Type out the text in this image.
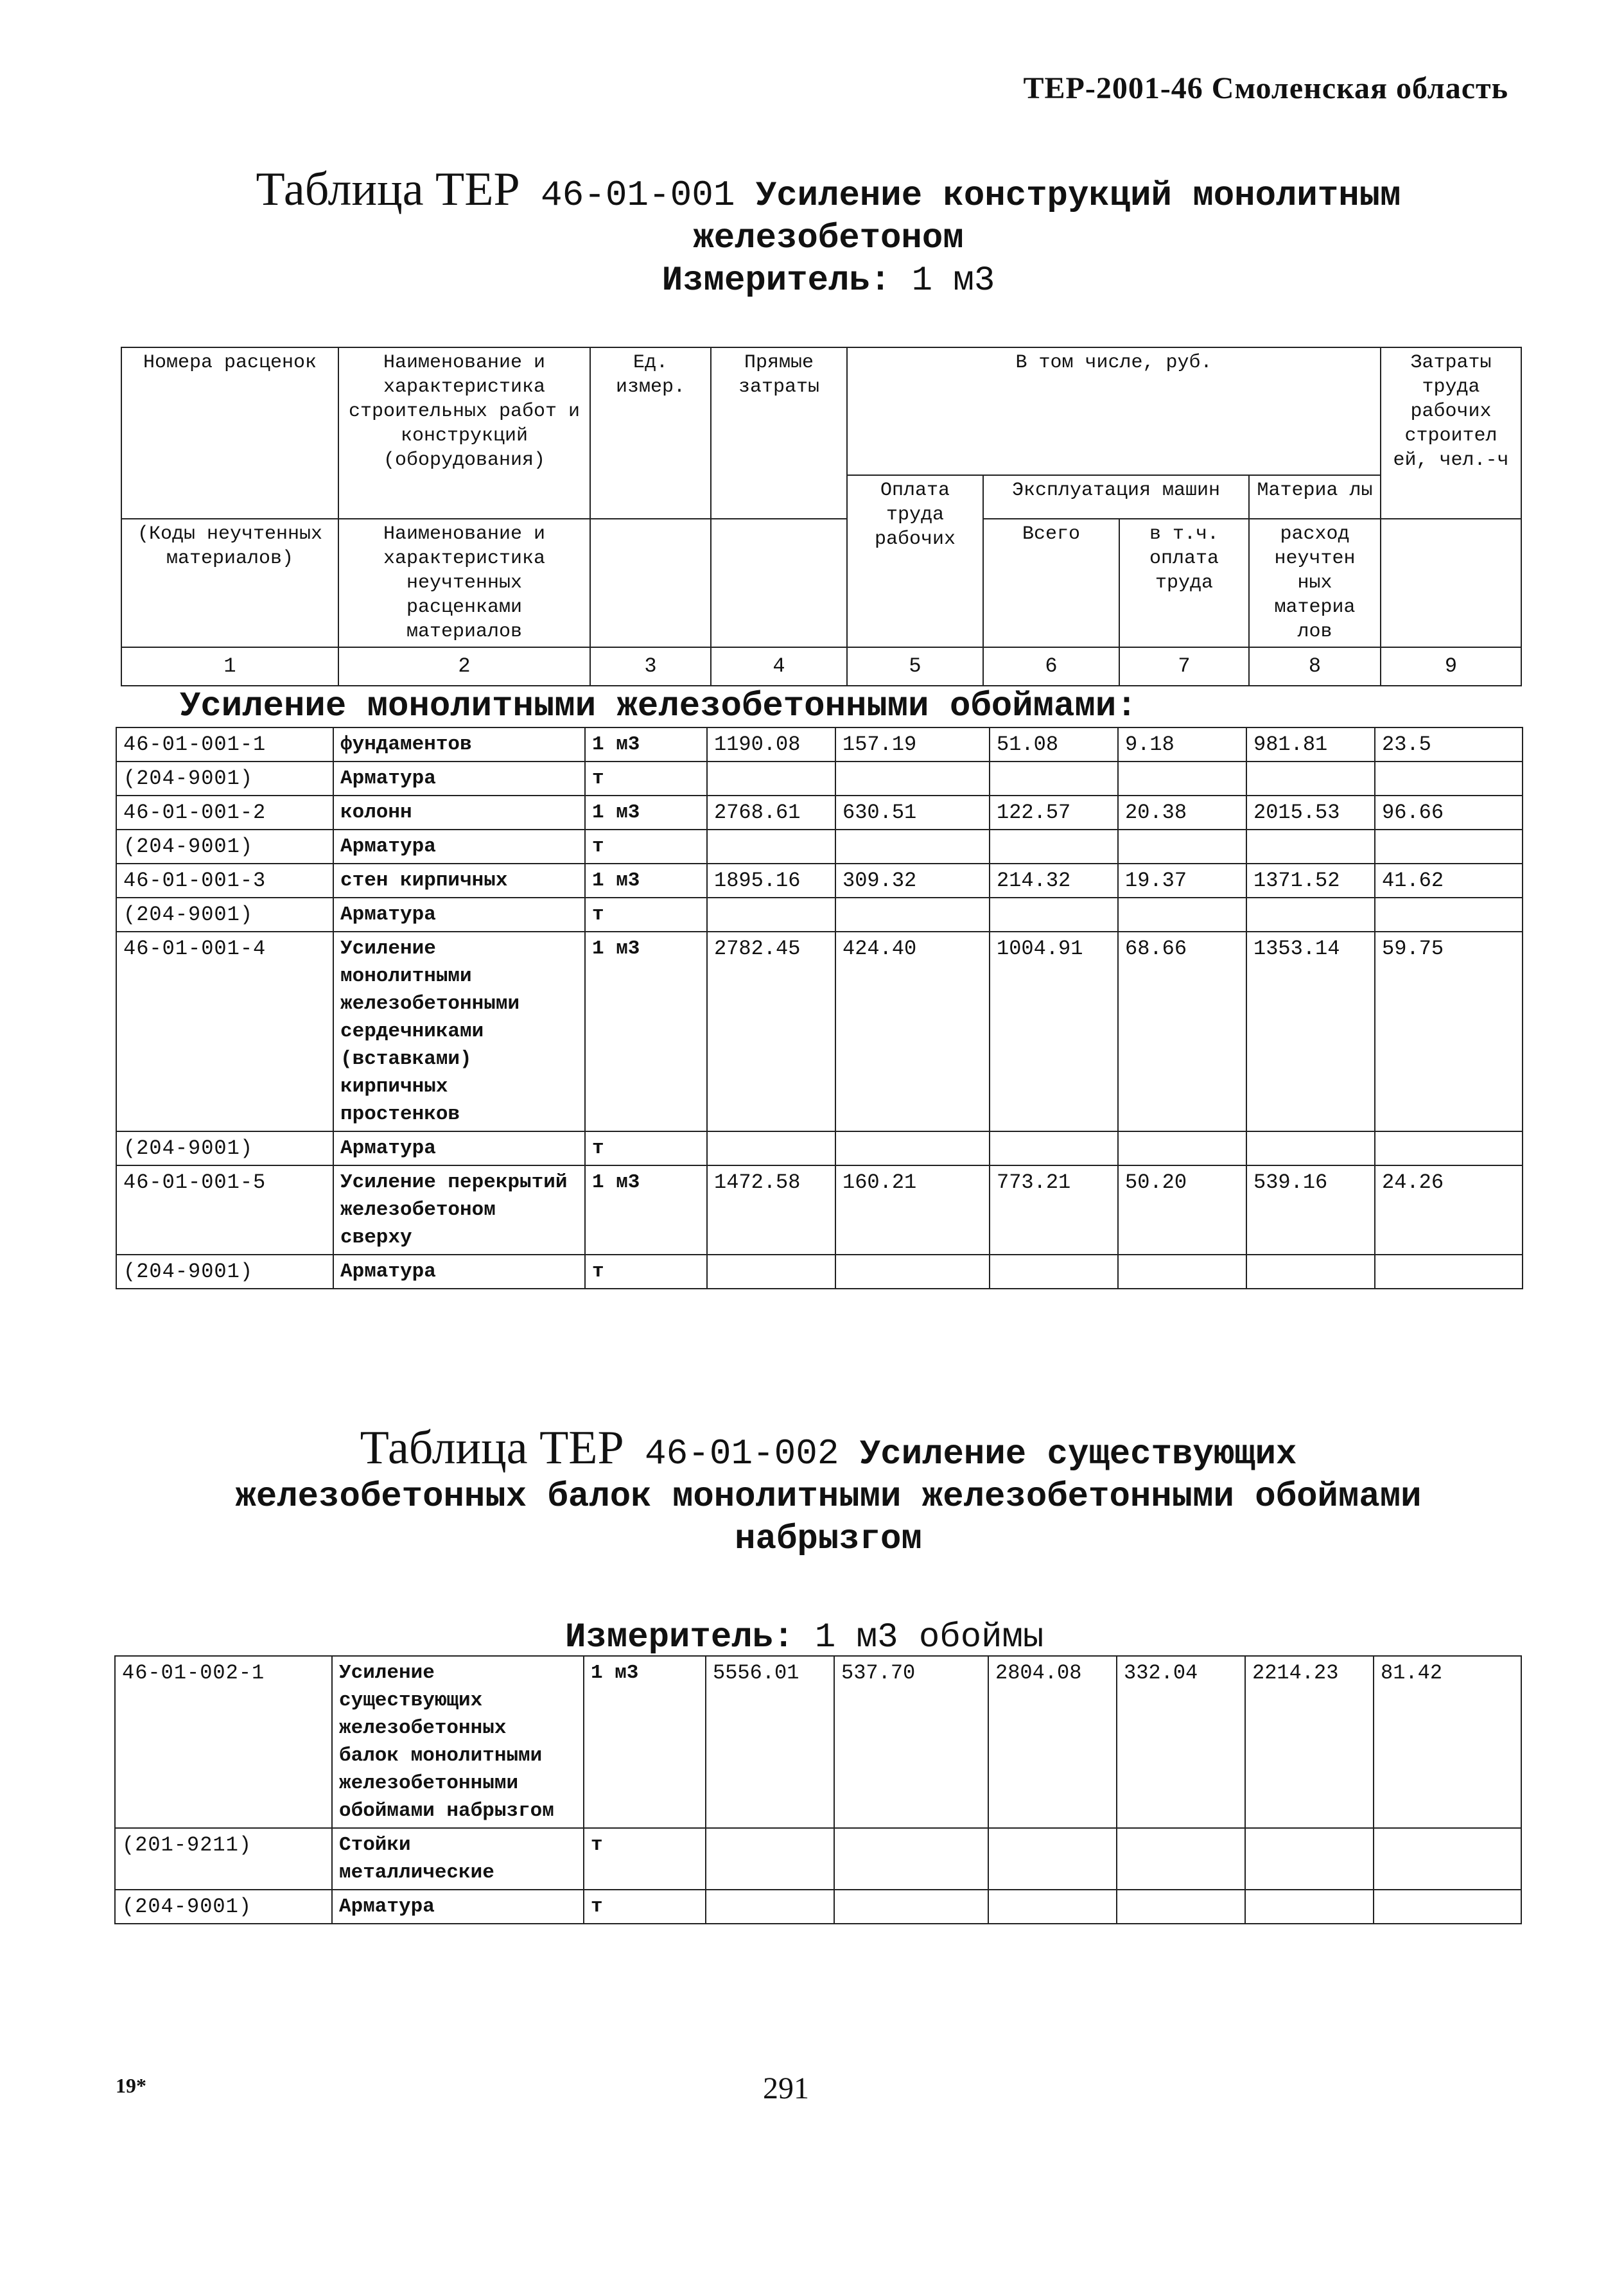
ТЕР-2001-46 Смоленская область
Таблица ТЕР 46-01-001 Усиление конструкций монолитным
железобетоном
Измеритель: 1 м3
Номера расценок	Наименование и характеристика строительных работ и конструкций (оборудования)	Ед. измер.	Прямые затраты	В том числе, руб.				Затраты труда рабочих строител ей, чел.-ч
				Оплата труда рабочих	Эксплуатация машин		Материа лы	
(Коды неучтенных материалов)	Наименование и характеристика неучтенных расценками материалов				Всего	в т.ч. оплата труда	расход неучтен ных материа лов	
1	2	3	4	5	6	7	8	9
Усиление монолитными железобетонными обоймами:
46-01-001-1	фундаментов	1 м3	1190.08	157.19	51.08	9.18	981.81	23.5
(204-9001)	Арматура	т						
46-01-001-2	колонн	1 м3	2768.61	630.51	122.57	20.38	2015.53	96.66
(204-9001)	Арматура	т						
46-01-001-3	стен кирпичных	1 м3	1895.16	309.32	214.32	19.37	1371.52	41.62
(204-9001)	Арматура	т						
46-01-001-4	Усиление монолитными железобетонными сердечниками (вставками) кирпичных простенков	1 м3	2782.45	424.40	1004.91	68.66	1353.14	59.75
(204-9001)	Арматура	т						
46-01-001-5	Усиление перекрытий железобетоном сверху	1 м3	1472.58	160.21	773.21	50.20	539.16	24.26
(204-9001)	Арматура	т						
Таблица ТЕР 46-01-002 Усиление существующих
железобетонных балок монолитными железобетонными обоймами
набрызгом
Измеритель: 1 м3 обоймы
46-01-002-1	Усиление существующих железобетонных балок монолитными железобетонными обоймами набрызгом	1 м3	5556.01	537.70	2804.08	332.04	2214.23	81.42
(201-9211)	Стойки металлические	т						
(204-9001)	Арматура	т						
19*	291
